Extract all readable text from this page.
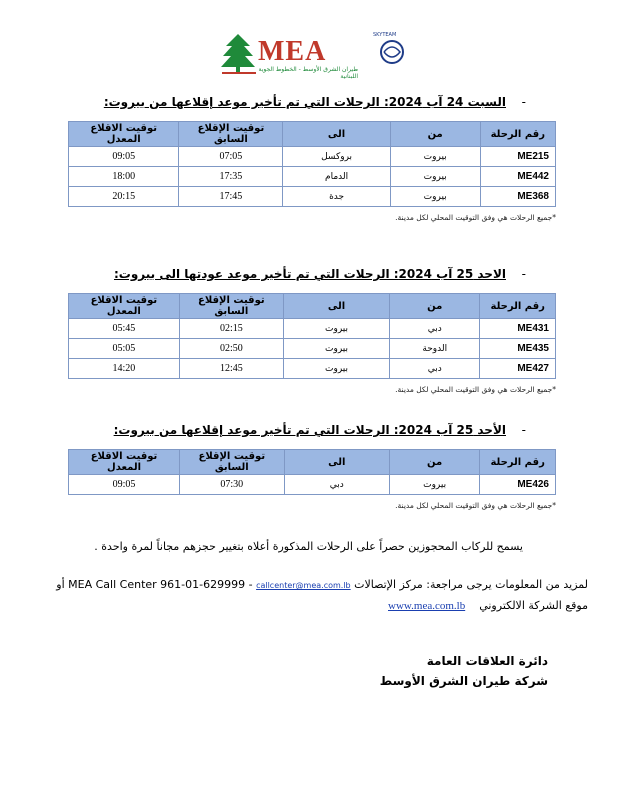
MEA
طيران الشرق الأوسط - الخطوط الجوية اللبنانية
SKYTEAM
-
السبت 24 آب 2024: الرحلات التي تم تأخير موعد إقلاعها من بيروت:
رقم الرحلة	من	الى	توقيت الإقلاع السابق	توقيت الاقلاع المعدل
ME215	بيروت	بروكسل	07:05	09:05
ME442	بيروت	الدمام	17:35	18:00
ME368	بيروت	جدة	17:45	20:15
*جميع الرحلات هي وفق التوقيت المحلي لكل مدينة.
-
الاحد 25 آب 2024: الرحلات التي تم تأخير موعد عودتها الى بيروت:
رقم الرحلة	من	الى	توقيت الإقلاع السابق	توقيت الاقلاع المعدل
ME431	دبي	بيروت	02:15	05:45
ME435	الدوحة	بيروت	02:50	05:05
ME427	دبي	بيروت	12:45	14:20
*جميع الرحلات هي وفق التوقيت المحلي لكل مدينة.
-
الأحد 25 آب 2024: الرحلات التي تم تأخير موعد إقلاعها من بيروت:
رقم الرحلة	من	الى	توقيت الإقلاع السابق	توقيت الاقلاع المعدل
ME426	بيروت	دبي	07:30	09:05
*جميع الرحلات هي وفق التوقيت المحلي لكل مدينة.
يسمح للركاب المحجوزين حصراً على الرحلات المذكورة أعلاه بتغيير حجزهم مجاناً لمرة واحدة .
لمزيد من المعلومات يرجى مراجعة: مركز الإتصالات MEA Call Center 961-01-629999 - callcenter@mea.com.lb أو
موقع الشركة الالكتروني    www.mea.com.lb
دائرة العلاقات العامة
شركة طيران الشرق الأوسط
